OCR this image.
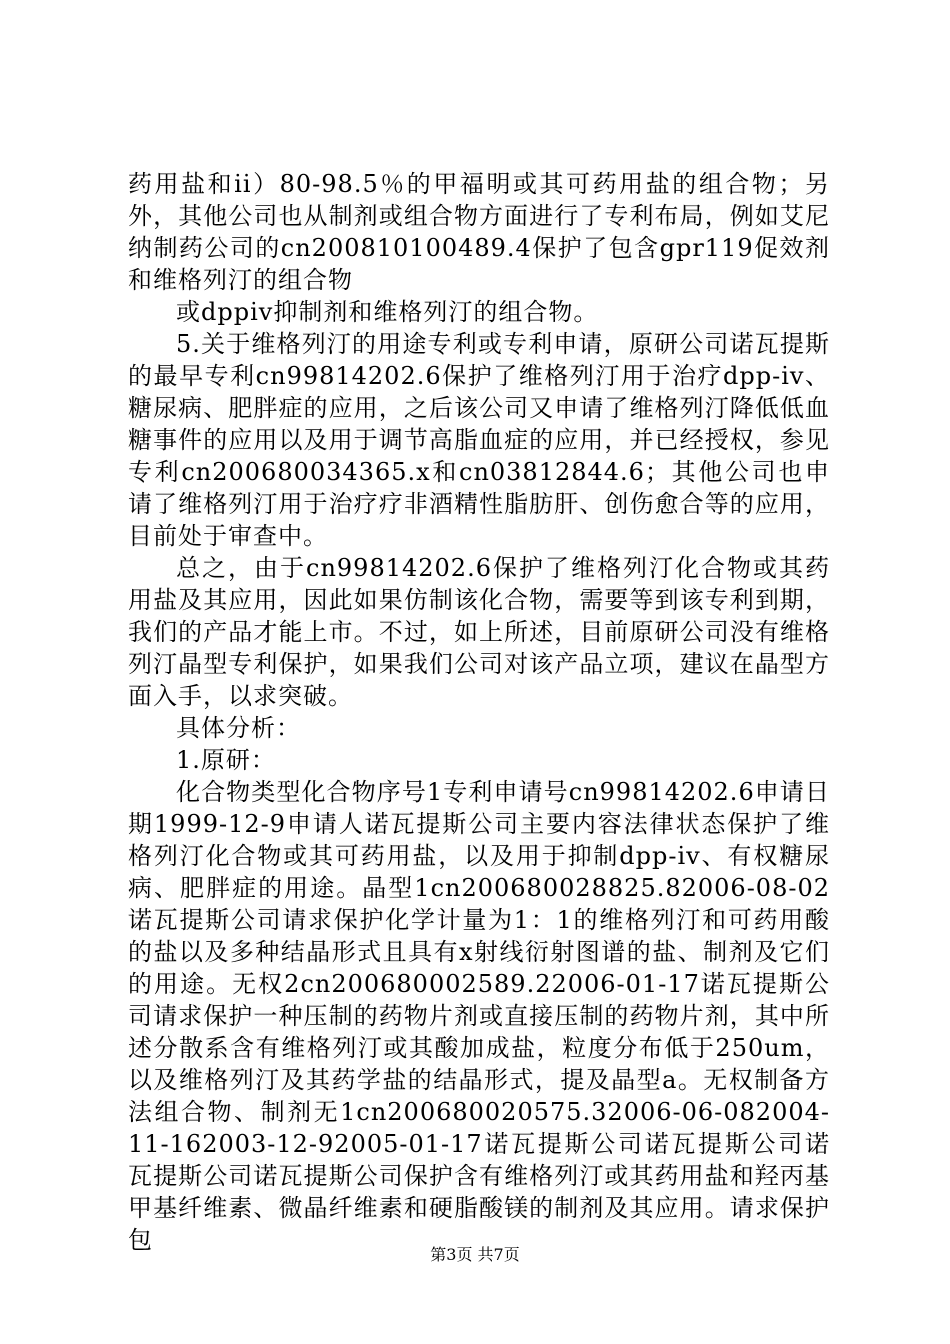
药用盐和ii）80-98.5％的甲福明或其可药用盐的组合物；另外，其他公司也从制剂或组合物方面进行了专利布局，例如艾尼纳制药公司的cn200810100489.4保护了包含gpr119促效剂和维格列汀的组合物

或dppiv抑制剂和维格列汀的组合物。

5.关于维格列汀的用途专利或专利申请，原研公司诺瓦提斯的最早专利cn99814202.6保护了维格列汀用于治疗dpp-iv、糖尿病、肥胖症的应用，之后该公司又申请了维格列汀降低低血糖事件的应用以及用于调节高脂血症的应用，并已经授权，参见专利cn200680034365.x和cn03812844.6；其他公司也申请了维格列汀用于治疗疗非酒精性脂肪肝、创伤愈合等的应用，目前处于审查中。

总之，由于cn99814202.6保护了维格列汀化合物或其药用盐及其应用，因此如果仿制该化合物，需要等到该专利到期，我们的产品才能上市。不过，如上所述，目前原研公司没有维格列汀晶型专利保护，如果我们公司对该产品立项，建议在晶型方面入手，以求突破。

具体分析：

1.原研：

化合物类型化合物序号1专利申请号cn99814202.6申请日期1999-12-9申请人诺瓦提斯公司主要内容法律状态保护了维格列汀化合物或其可药用盐，以及用于抑制dpp-iv、有权糖尿病、肥胖症的用途。晶型1cn200680028825.82006-08-02诺瓦提斯公司请求保护化学计量为1：1的维格列汀和可药用酸的盐以及多种结晶形式且具有x射线衍射图谱的盐、制剂及它们的用途。无权2cn200680002589.22006-01-17诺瓦提斯公司请求保护一种压制的药物片剂或直接压制的药物片剂，其中所述分散系含有维格列汀或其酸加成盐，粒度分布低于250um，以及维格列汀及其药学盐的结晶形式，提及晶型a。无权制备方法组合物、制剂无1cn200680020575.32006-06-082004-11-162003-12-92005-01-17诺瓦提斯公司诺瓦提斯公司诺瓦提斯公司诺瓦提斯公司保护含有维格列汀或其药用盐和羟丙基甲基纤维素、微晶纤维素和硬脂酸镁的制剂及其应用。请求保护包

第3页 共7页
